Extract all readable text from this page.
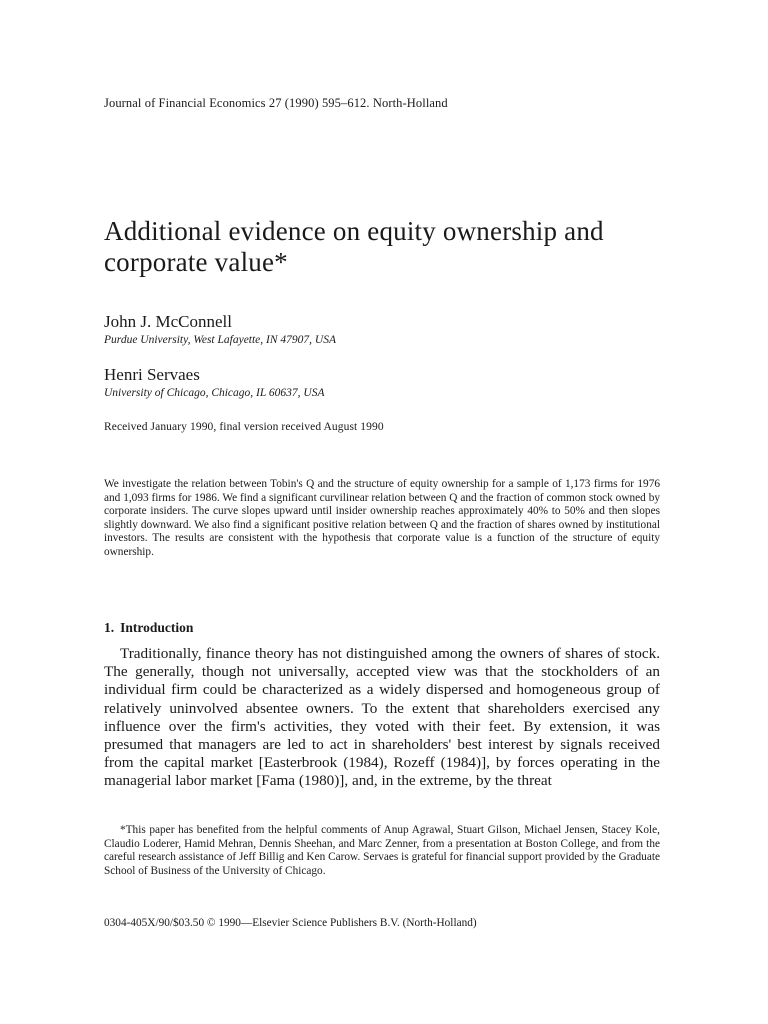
Journal of Financial Economics 27 (1990) 595–612. North-Holland
Additional evidence on equity ownership and corporate value*
John J. McConnell
Purdue University, West Lafayette, IN 47907, USA
Henri Servaes
University of Chicago, Chicago, IL 60637, USA
Received January 1990, final version received August 1990

We investigate the relation between Tobin's Q and the structure of equity ownership for a sample of 1,173 firms for 1976 and 1,093 firms for 1986. We find a significant curvilinear relation between Q and the fraction of common stock owned by corporate insiders. The curve slopes upward until insider ownership reaches approximately 40% to 50% and then slopes slightly downward. We also find a significant positive relation between Q and the fraction of shares owned by institutional investors. The results are consistent with the hypothesis that corporate value is a function of the structure of equity ownership.

1. Introduction

Traditionally, finance theory has not distinguished among the owners of shares of stock. The generally, though not universally, accepted view was that the stockholders of an individual firm could be characterized as a widely dispersed and homogeneous group of relatively uninvolved absentee owners. To the extent that shareholders exercised any influence over the firm's activities, they voted with their feet. By extension, it was presumed that managers are led to act in shareholders' best interest by signals received from the capital market [Easterbrook (1984), Rozeff (1984)], by forces operating in the managerial labor market [Fama (1980)], and, in the extreme, by the threat

*This paper has benefited from the helpful comments of Anup Agrawal, Stuart Gilson, Michael Jensen, Stacey Kole, Claudio Loderer, Hamid Mehran, Dennis Sheehan, and Marc Zenner, from a presentation at Boston College, and from the careful research assistance of Jeff Billig and Ken Carow. Servaes is grateful for financial support provided by the Graduate School of Business of the University of Chicago.

0304-405X/90/$03.50 © 1990—Elsevier Science Publishers B.V. (North-Holland)
